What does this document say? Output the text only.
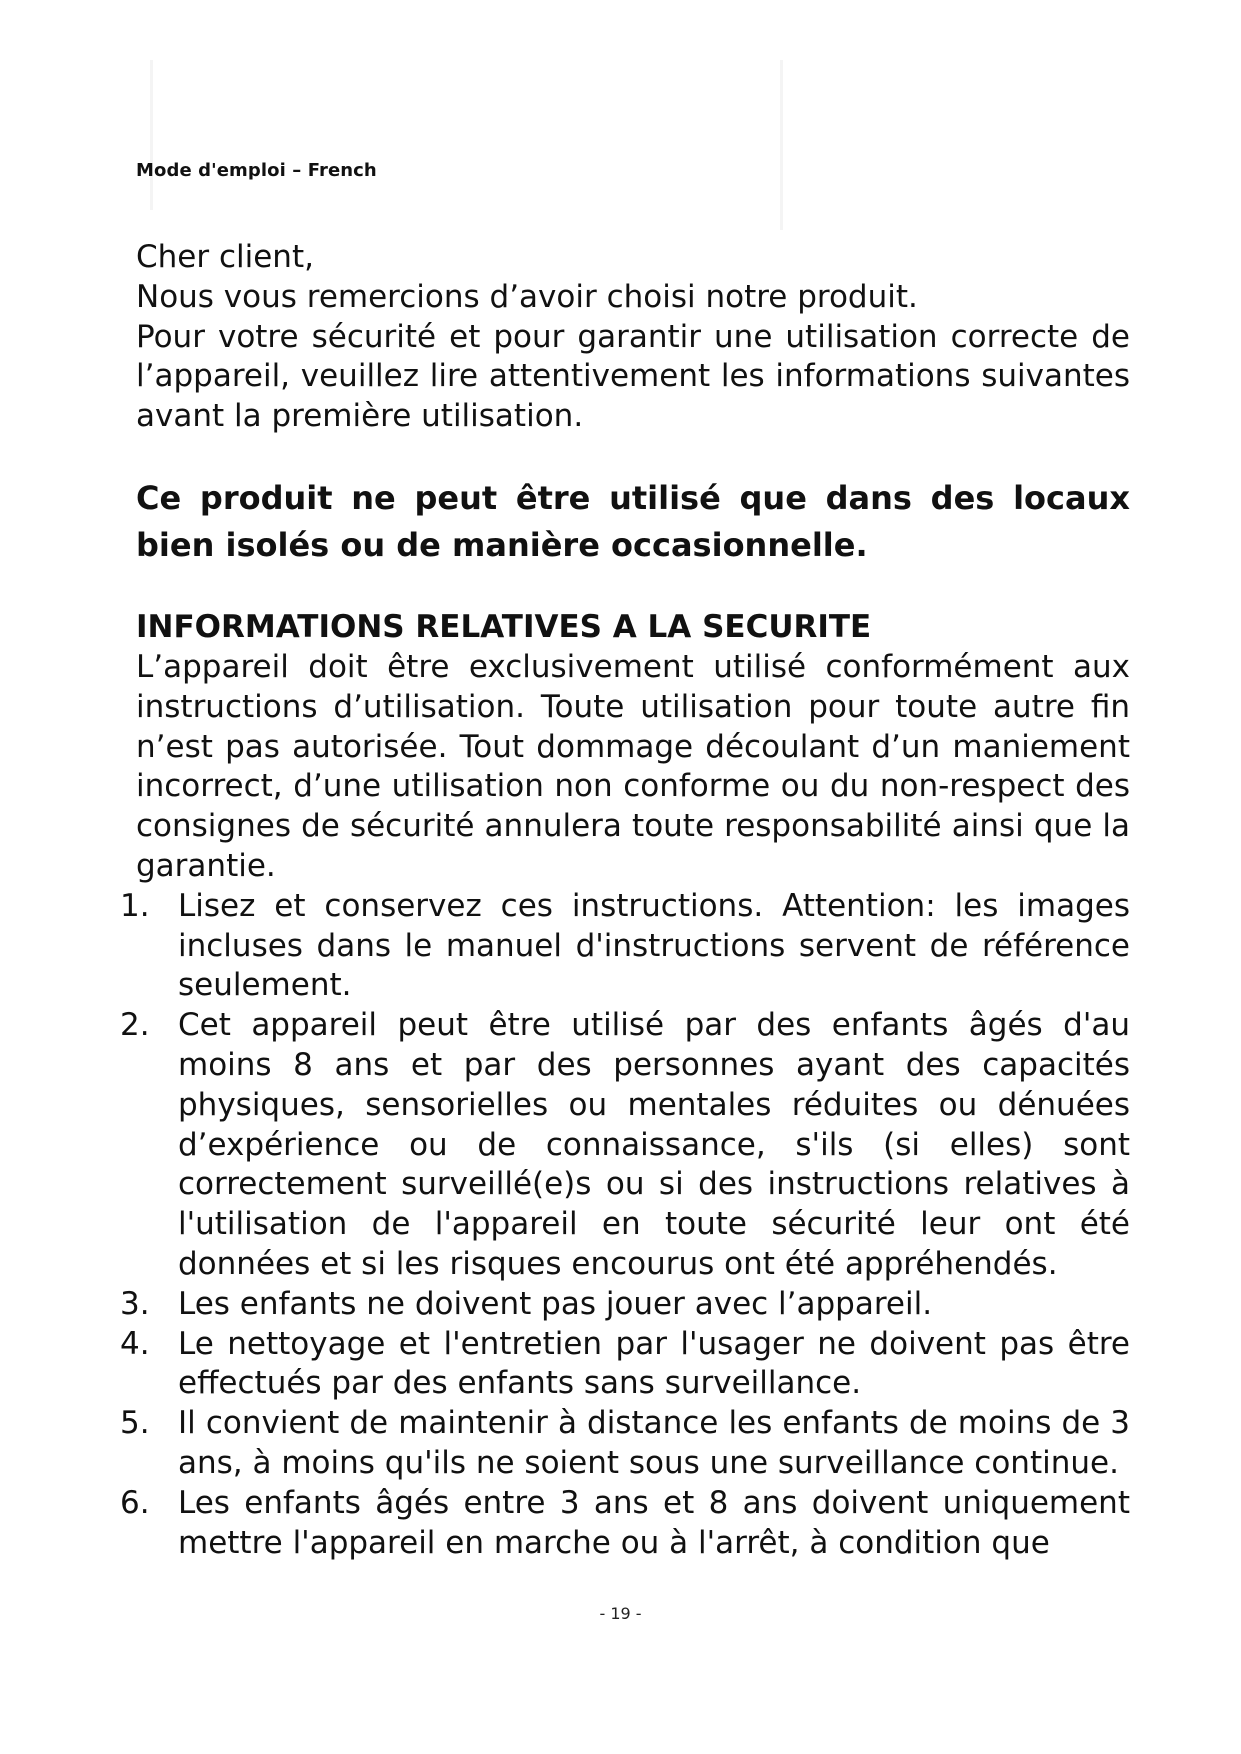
Mode d'emploi – French
Cher client,
Nous vous remercions d’avoir choisi notre produit.

Pour votre sécurité et pour garantir une utilisation correcte de l’appareil, veuillez lire attentivement les informations suivantes avant la première utilisation.

Ce produit ne peut être utilisé que dans des locaux bien isolés ou de manière occasionnelle.

INFORMATIONS RELATIVES A LA SECURITE

L’appareil doit être exclusivement utilisé conformément aux instructions d’utilisation. Toute utilisation pour toute autre fin n’est pas autorisée. Tout dommage découlant d’un maniement incorrect, d’une utilisation non conforme ou du non-respect des consignes de sécurité annulera toute responsabilité ainsi que la garantie.

1. Lisez et conservez ces instructions. Attention: les images incluses dans le manuel d'instructions servent de référence seulement.
2. Cet appareil peut être utilisé par des enfants âgés d'au moins 8 ans et par des personnes ayant des capacités physiques, sensorielles ou mentales réduites ou dénuées d’expérience ou de connaissance, s'ils (si elles) sont correctement surveillé(e)s ou si des instructions relatives à l'utilisation de l'appareil en toute sécurité leur ont été données et si les risques encourus ont été appréhendés.
3. Les enfants ne doivent pas jouer avec l’appareil.
4. Le nettoyage et l'entretien par l'usager ne doivent pas être effectués par des enfants sans surveillance.
5. Il convient de maintenir à distance les enfants de moins de 3 ans, à moins qu'ils ne soient sous une surveillance continue.
6. Les enfants âgés entre 3 ans et 8 ans doivent uniquement mettre l'appareil en marche ou à l'arrêt, à condition que
- 19 -
